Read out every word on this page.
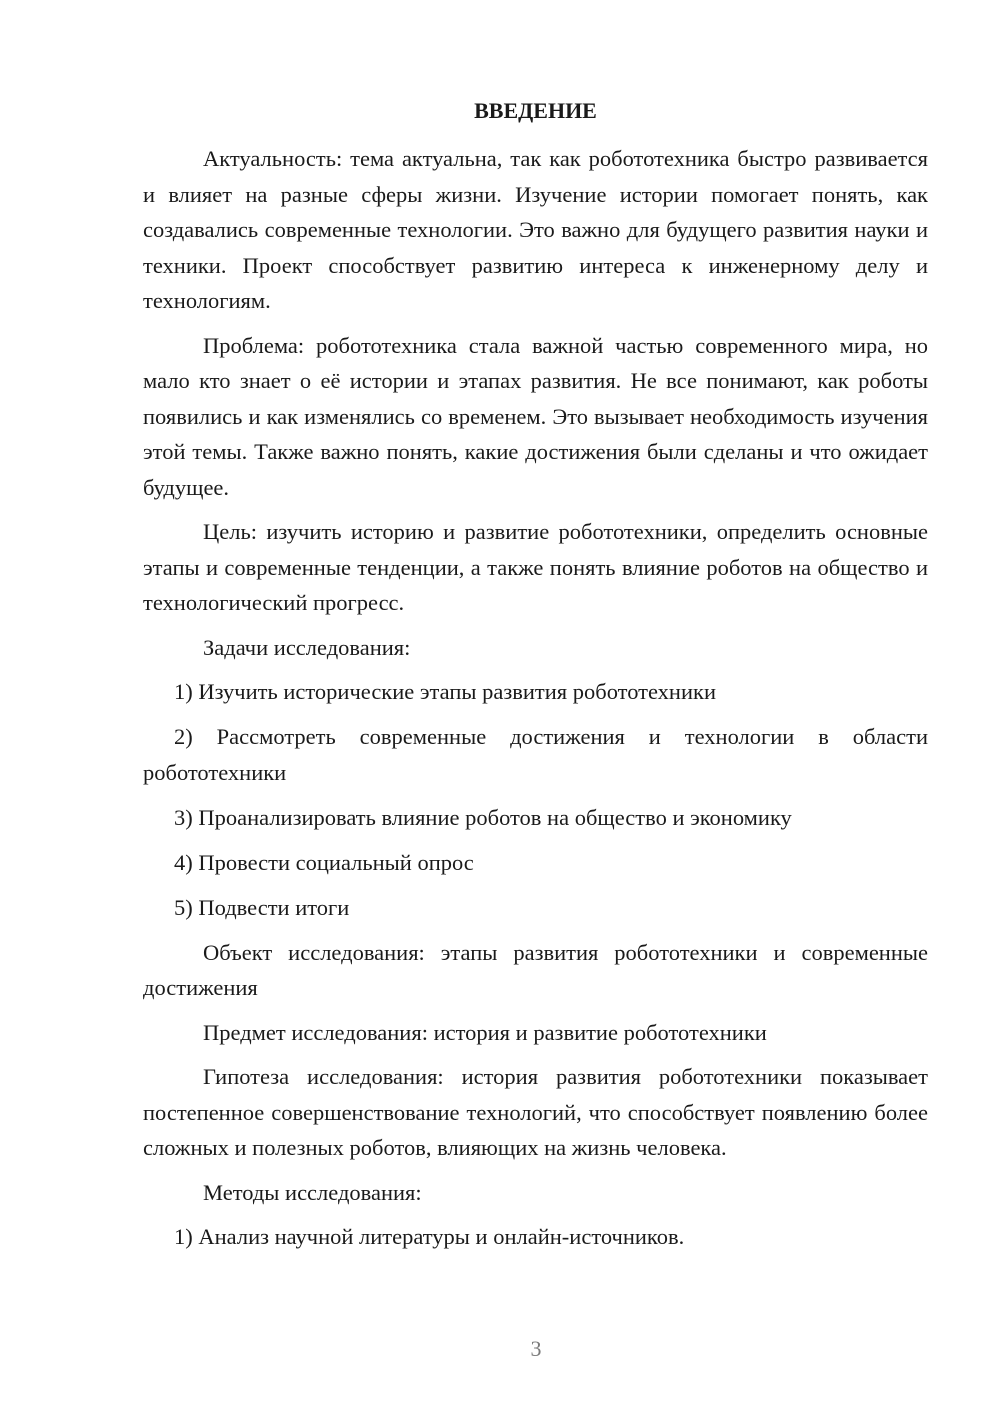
ВВЕДЕНИЕ

Актуальность: тема актуальна, так как робототехника быстро развивается и влияет на разные сферы жизни. Изучение истории помогает понять, как создавались современные технологии. Это важно для будущего развития науки и техники. Проект способствует развитию интереса к инженерному делу и технологиям.

Проблема: робототехника стала важной частью современного мира, но мало кто знает о её истории и этапах развития. Не все понимают, как роботы появились и как изменялись со временем. Это вызывает необходимость изучения этой темы. Также важно понять, какие достижения были сделаны и что ожидает будущее.

Цель: изучить историю и развитие робототехники, определить основные этапы и современные тенденции, а также понять влияние роботов на общество и технологический прогресс.

Задачи исследования:

1) Изучить исторические этапы развития робототехники

2) Рассмотреть современные достижения и технологии в области робототехники

3) Проанализировать влияние роботов на общество и экономику

4) Провести социальный опрос

5) Подвести итоги

Объект исследования: этапы развития робототехники и современные достижения

Предмет исследования: история и развитие робототехники

Гипотеза исследования: история развития робототехники показывает постепенное совершенствование технологий, что способствует появлению более сложных и полезных роботов, влияющих на жизнь человека.

Методы исследования:

1) Анализ научной литературы и онлайн-источников.

3
